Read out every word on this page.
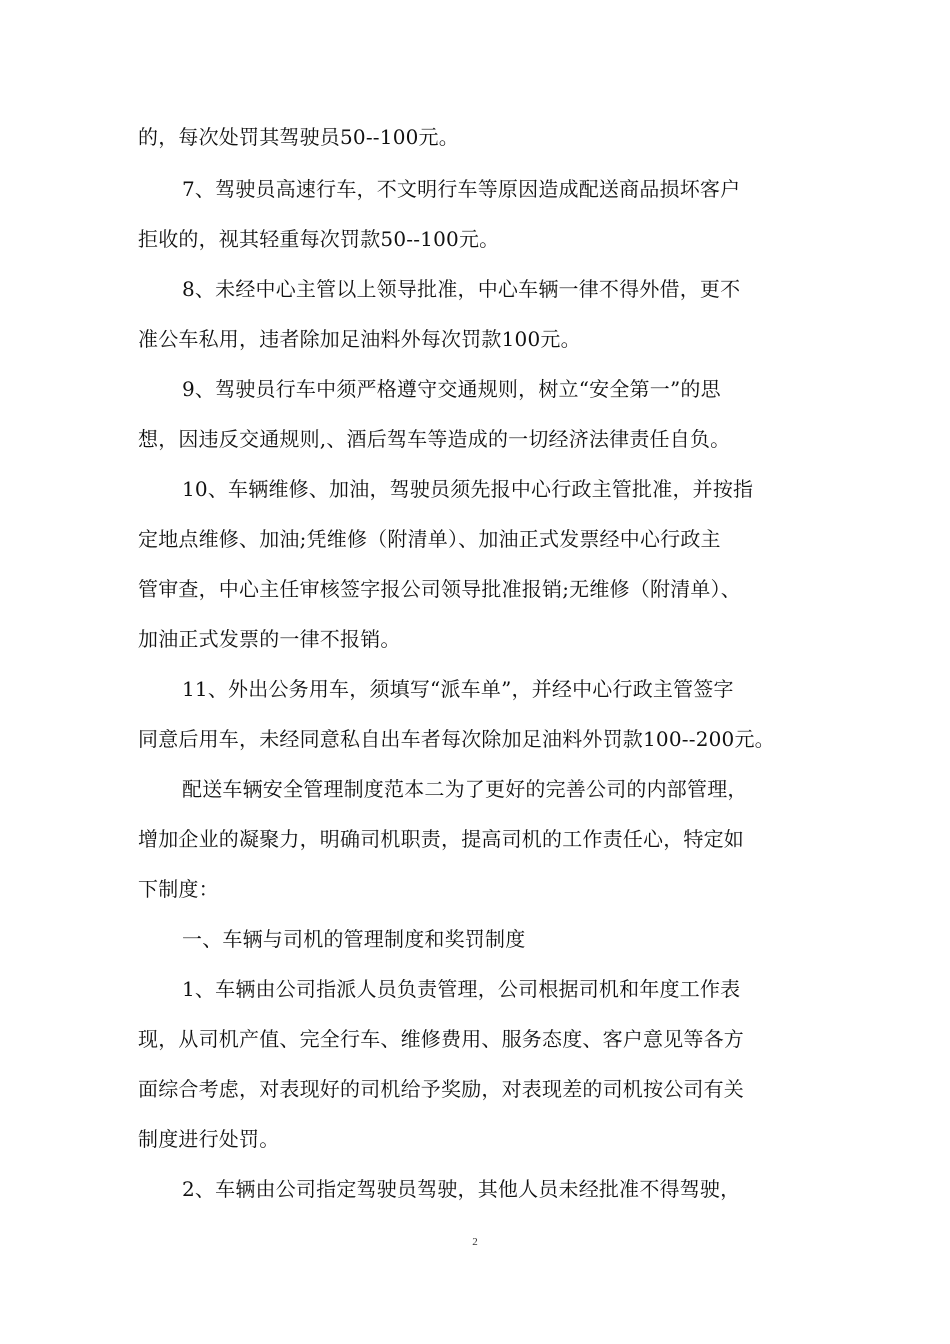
的，每次处罚其驾驶员50--100元。
7、驾驶员高速行车，不文明行车等原因造成配送商品损坏客户
拒收的，视其轻重每次罚款50--100元。
8、未经中心主管以上领导批准，中心车辆一律不得外借，更不
准公车私用，违者除加足油料外每次罚款100元。
9、驾驶员行车中须严格遵守交通规则，树立“安全第一”的思
想，因违反交通规则,、酒后驾车等造成的一切经济法律责任自负。
10、车辆维修、加油，驾驶员须先报中心行政主管批准，并按指
定地点维修、加油;凭维修（附清单）、加油正式发票经中心行政主
管审查，中心主任审核签字报公司领导批准报销;无维修（附清单）、
加油正式发票的一律不报销。
11、外出公务用车，须填写“派车单”，并经中心行政主管签字
同意后用车，未经同意私自出车者每次除加足油料外罚款100--200元。
配送车辆安全管理制度范本二为了更好的完善公司的内部管理，
增加企业的凝聚力，明确司机职责，提高司机的工作责任心，特定如
下制度：
一、车辆与司机的管理制度和奖罚制度
1、车辆由公司指派人员负责管理，公司根据司机和年度工作表
现，从司机产值、完全行车、维修费用、服务态度、客户意见等各方
面综合考虑，对表现好的司机给予奖励，对表现差的司机按公司有关
制度进行处罚。
2、车辆由公司指定驾驶员驾驶，其他人员未经批准不得驾驶，
2
